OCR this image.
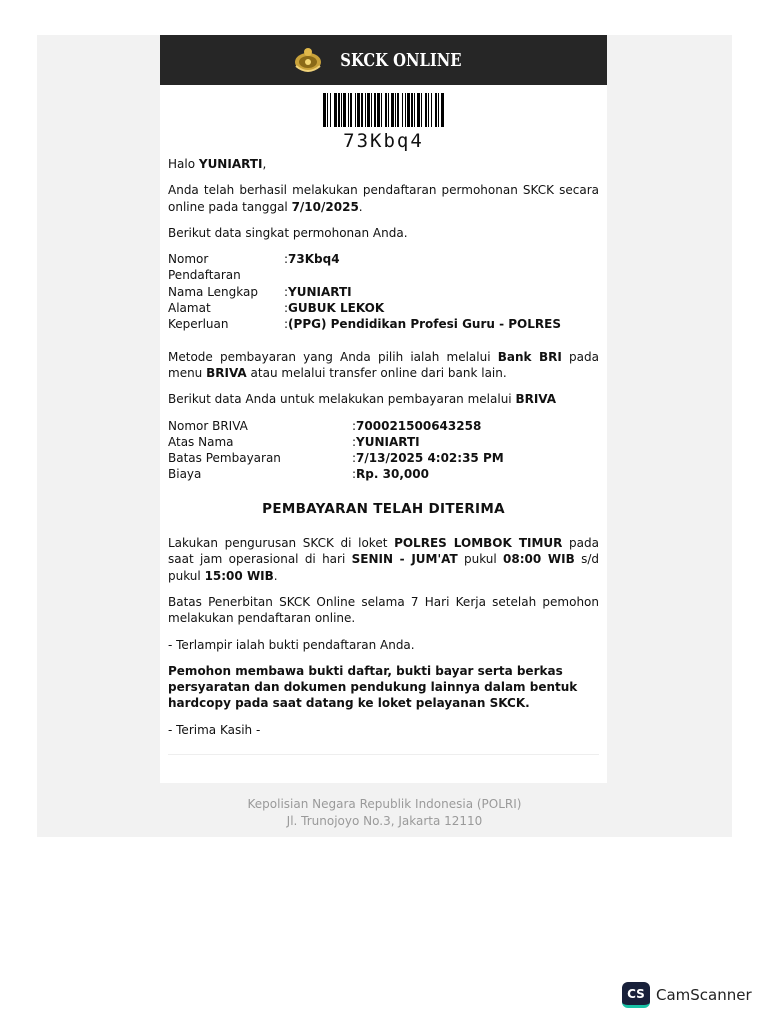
SKCK ONLINE
73Kbq4

Halo YUNIARTI,

Anda telah berhasil melakukan pendaftaran permohonan SKCK secara online pada tanggal 7/10/2025.

Berikut data singkat permohonan Anda.

Nomor Pendaftaran
:73Kbq4
Nama Lengkap	:YUNIARTI
Alamat	:GUBUK LEKOK
Keperluan	:(PPG) Pendidikan Profesi Guru - POLRES

Metode pembayaran yang Anda pilih ialah melalui Bank BRI pada menu BRIVA atau melalui transfer online dari bank lain.

Berikut data Anda untuk melakukan pembayaran melalui BRIVA

Nomor BRIVA	:700021500643258
Atas Nama	:YUNIARTI
Batas Pembayaran	:7/13/2025 4:02:35 PM
Biaya	:Rp. 30,000

PEMBAYARAN TELAH DITERIMA

Lakukan pengurusan SKCK di loket POLRES LOMBOK TIMUR pada saat jam operasional di hari SENIN - JUM'AT pukul 08:00 WIB s/d pukul 15:00 WIB.

Batas Penerbitan SKCK Online selama 7 Hari Kerja setelah pemohon melakukan pendaftaran online.

- Terlampir ialah bukti pendaftaran Anda.

Pemohon membawa bukti daftar, bukti bayar serta berkas persyaratan dan dokumen pendukung lainnya dalam bentuk hardcopy pada saat datang ke loket pelayanan SKCK.

- Terima Kasih -

Kepolisian Negara Republik Indonesia (POLRI)
Jl. Trunojoyo No.3, Jakarta 12110
CS CamScanner
